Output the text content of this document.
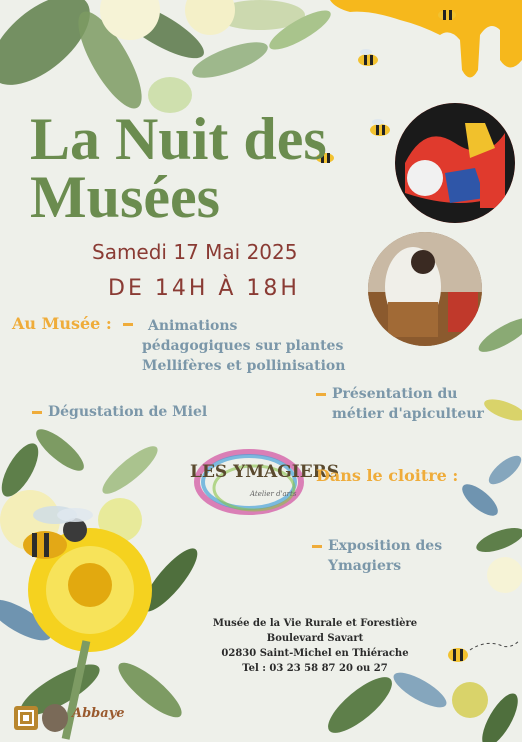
La Nuit des
Musées
Samedi 17 Mai 2025
DE 14H À 18H
Au Musée :	Animations
pédagogiques sur plantes
Mellifères et pollinisation
Présentation du
métier d'apiculteur
Dégustation de Miel
LES YMAGIERS
Atelier d'arts
Dans le cloitre :
Exposition des
Ymagiers
Musée de la Vie Rurale et Forestière
Boulevard Savart
02830 Saint-Michel en Thiérache
Tel : 03 23 58 87 20 ou 27
Abbaye
